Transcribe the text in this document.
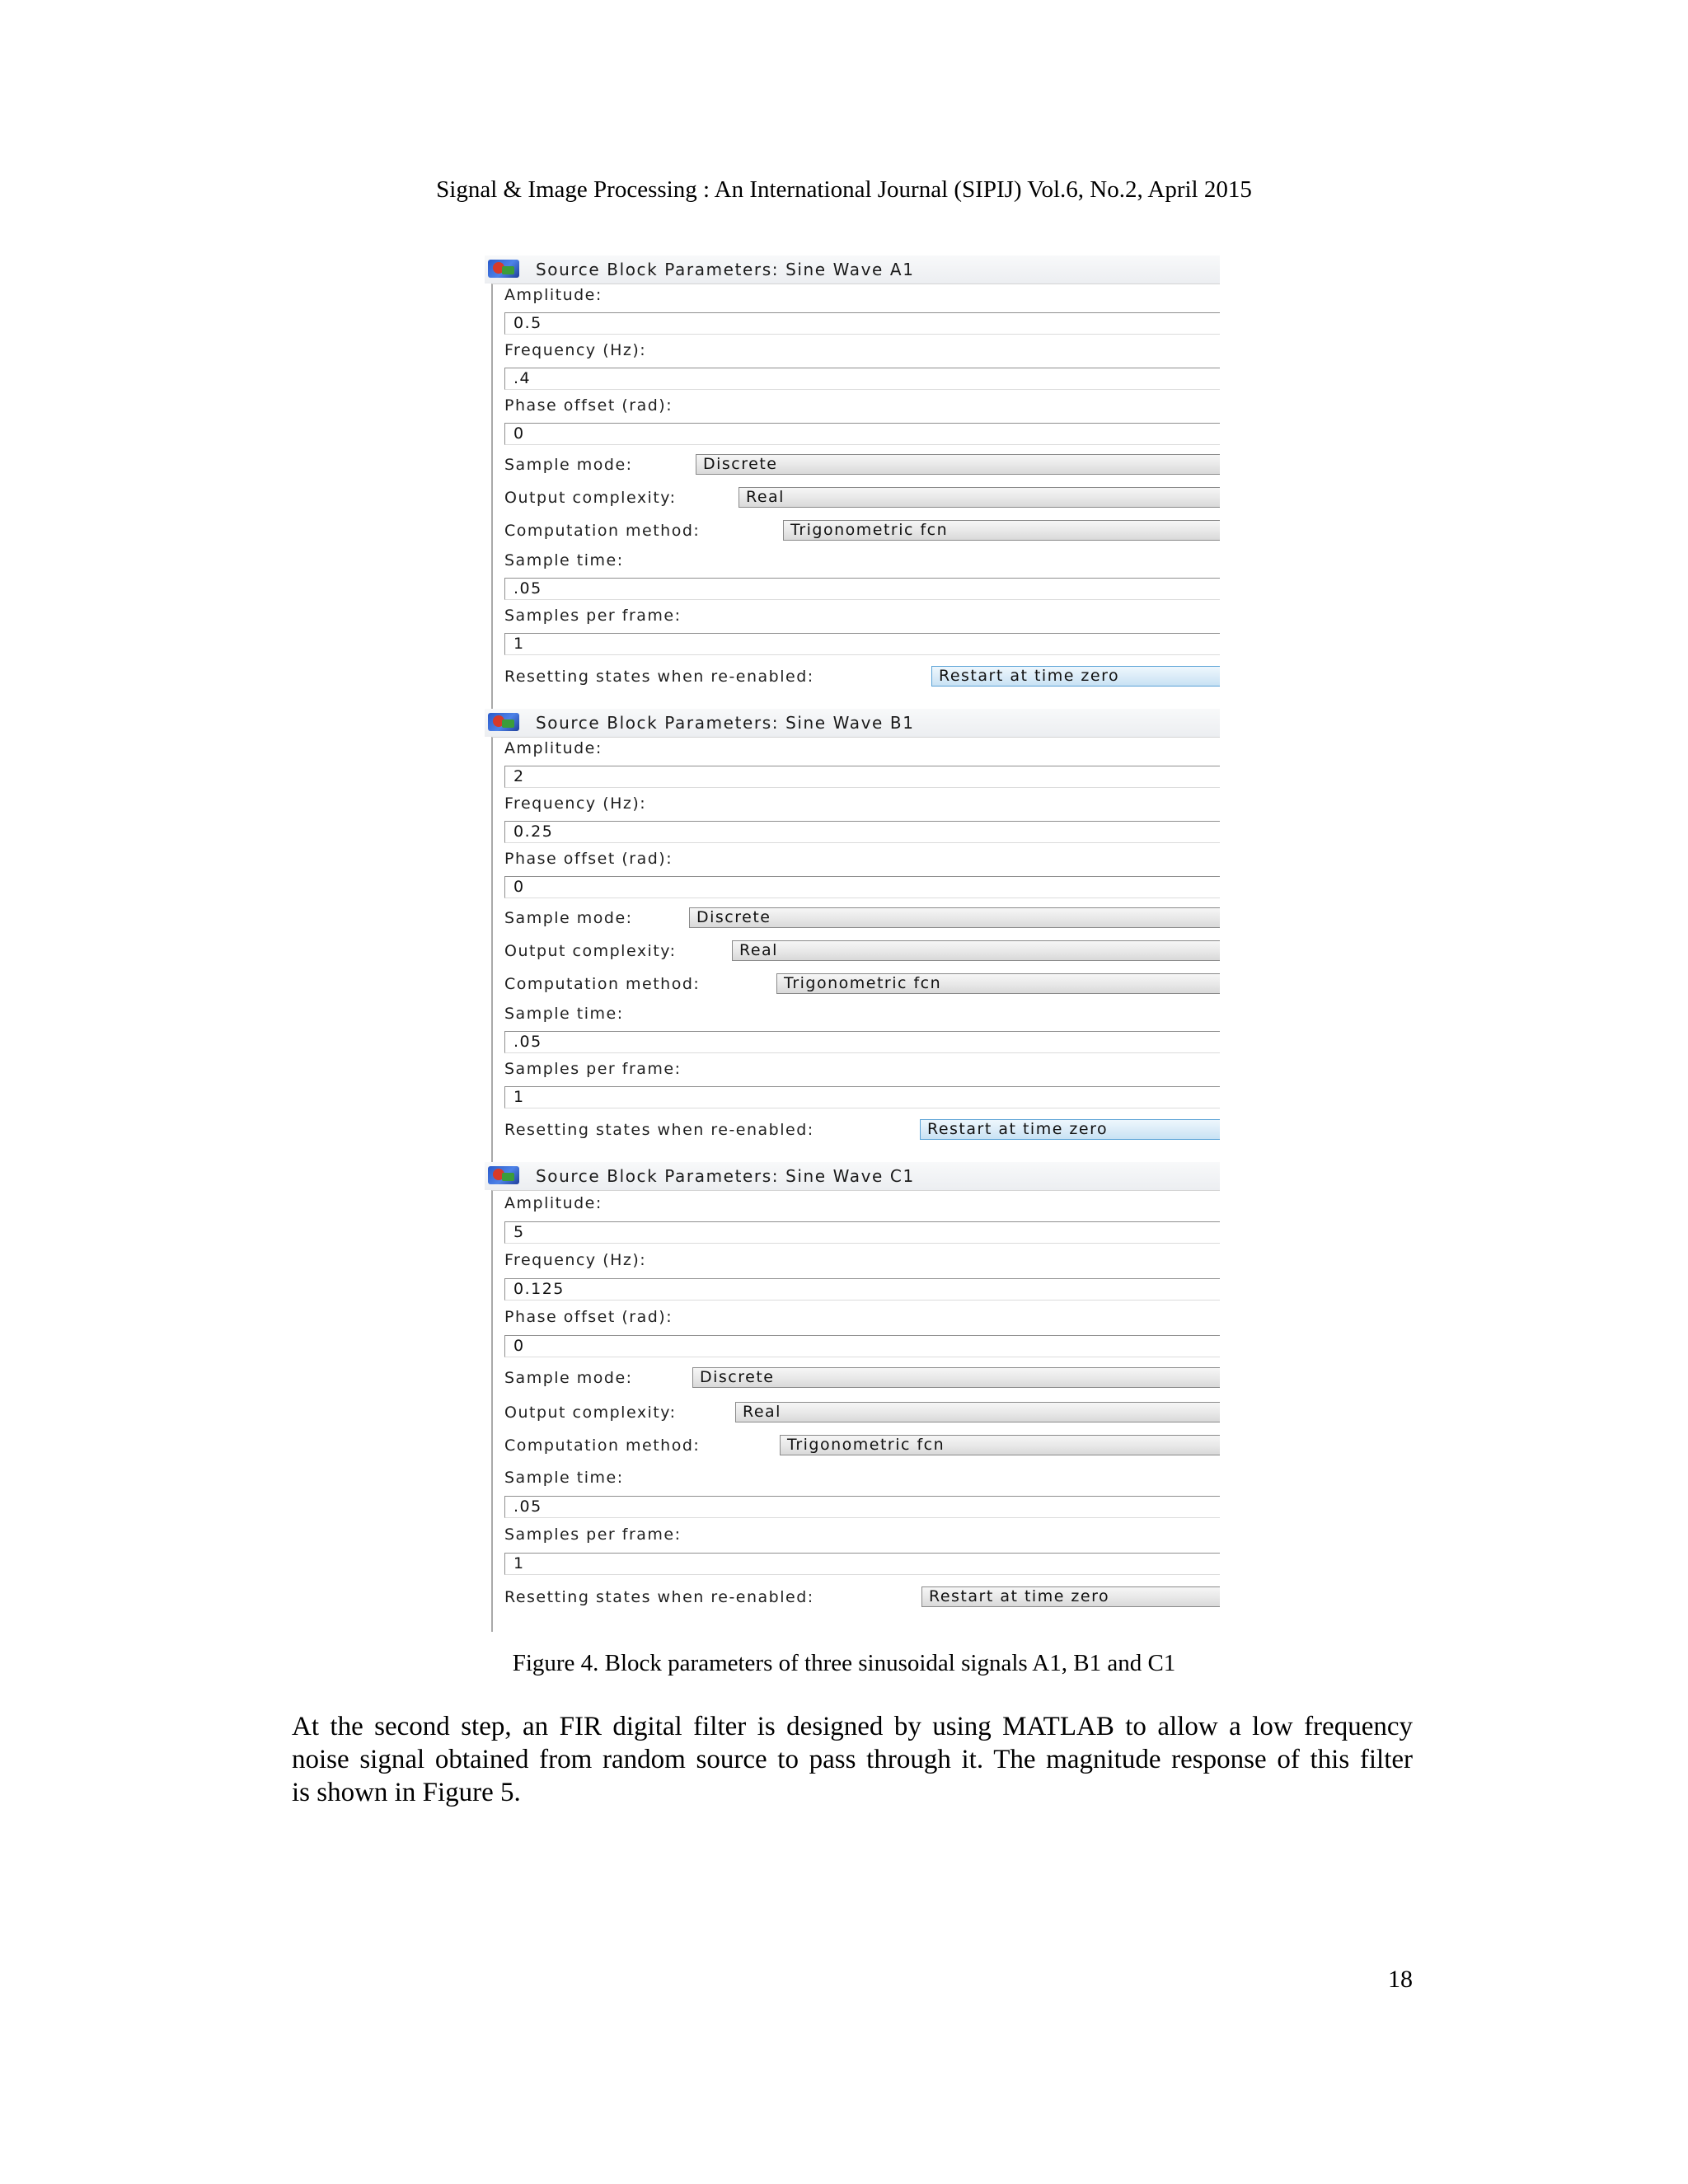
Signal & Image Processing : An International Journal (SIPIJ) Vol.6, No.2, April 2015
Source Block Parameters: Sine Wave A1
Amplitude:
0.5
Frequency (Hz):
.4
Phase offset (rad):
0
Sample mode:	Discrete
Output complexity:	Real
Computation method:	Trigonometric fcn
Sample time:
.05
Samples per frame:
1
Resetting states when re-enabled:	Restart at time zero
Source Block Parameters: Sine Wave B1
Amplitude:
2
Frequency (Hz):
0.25
Phase offset (rad):
0
Sample mode:	Discrete
Output complexity:	Real
Computation method:	Trigonometric fcn
Sample time:
.05
Samples per frame:
1
Resetting states when re-enabled:	Restart at time zero
Source Block Parameters: Sine Wave C1
Amplitude:
5
Frequency (Hz):
0.125
Phase offset (rad):
0
Sample mode:	Discrete
Output complexity:	Real
Computation method:	Trigonometric fcn
Sample time:
.05
Samples per frame:
1
Resetting states when re-enabled:	Restart at time zero
Figure 4. Block parameters of three sinusoidal signals A1, B1 and C1
At the second step, an FIR digital filter is designed by using MATLAB to allow a low frequency
noise signal obtained from random source to pass through it. The magnitude response of this filter
is shown in Figure 5.
18
